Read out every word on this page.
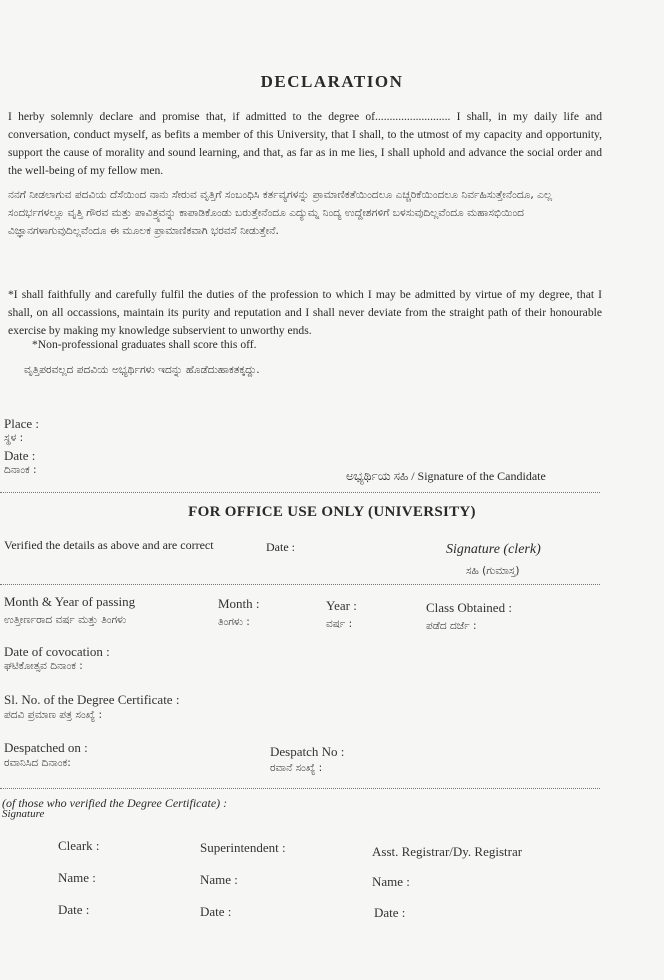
DECLARATION
I herby solemnly declare and promise that, if admitted to the degree of.......................... I shall, in my daily life and conversation, conduct myself, as befits a member of this University, that I shall, to the utmost of my capacity and opportunity, support the cause of morality and sound learning, and that, as far as in me lies, I shall uphold and advance the social order and the well-being of my fellow men.
ನನಗೆ ನೀಡಲಾಗುವ ಪದವಿಯ ದೆಸೆಯಿಂದ ನಾನು ಸೇರುವ ವೃತ್ತಿಗೆ ಸಂಬಂಧಿಸಿ ಕರ್ತವ್ಯಗಳನ್ನು ಪ್ರಾಮಾಣಿಕತೆಯಿಂದಲೂ ಎಚ್ಚರಿಕೆಯಿಂದಲೂ ನಿರ್ವಹಿಸುತ್ತೇನೆಂದೂ, ಎಲ್ಲ ಸಂದರ್ಭಗಳಲ್ಲೂ ವೃತ್ತಿ ಗೌರವ ಮತ್ತು ಪಾವಿತ್ರ್ಯವನ್ನು ಕಾಪಾಡಿಕೊಂಡು ಬರುತ್ತೇನೆಂದೂ ಎದ್ಯುಮ್ನ ನಿಂದ್ಯ ಉದ್ದೇಶಗಳಿಗೆ ಬಳಸುವುದಿಲ್ಲವೆಂದೂ ಮಹಾಸಭಿಯಿಂದ ವಿಜ್ಞಾನಗಳಾಗುವುದಿಲ್ಲವೆಂದೂ ಈ ಮೂಲಕ ಪ್ರಾಮಾಣಿಕವಾಗಿ ಭರವಸೆ ನೀಡುತ್ತೇನೆ.
*I shall faithfully and carefully fulfil the duties of the profession to which I may be admitted by virtue of my degree, that I shall, on all occassions, maintain its purity and reputation and I shall never deviate from the straight path of their honourable exercise by making my knowledge subservient to unworthy ends.
*Non-professional graduates shall score this off.
ವೃತ್ತಿಪರವಲ್ಲದ ಪದವಿಯ ಅಭ್ಯರ್ಥಿಗಳು ಇದನ್ನು ಹೊಡೆದುಹಾಕತಕ್ಕದ್ದು.
Place :
ಸ್ಥಳ :
Date :
ದಿನಾಂಕ :	ಅಭ್ಯರ್ಥಿಯ ಸಹಿ / Signature of the Candidate
FOR OFFICE USE ONLY (UNIVERSITY)
Verified the details as above and are correct	Date :	Signature (clerk)
ಸಹಿ (ಗುಮಾಸ್ತ)
Month & Year of passing
ಉತ್ತೀರ್ಣರಾದ ವರ್ಷ ಮತ್ತು ತಿಂಗಳು
Month :
ತಿಂಗಳು :
Year :
ವರ್ಷ :
Class Obtained :
ಪಡೆದ ದರ್ಜೆ :
Date of covocation :
ಘಟಿಕೋತ್ಸವ ದಿನಾಂಕ :
Sl. No. of the Degree Certificate :
ಪದವಿ ಪ್ರಮಾಣ ಪತ್ರ ಸಂಖ್ಯೆ :
Despatched on :
ರವಾನಿಸಿದ ದಿನಾಂಕ:
Despatch No :
ರವಾನೆ ಸಂಖ್ಯೆ :
(of those who verified the Degree Certificate) :
Signature
Cleark :
Name :
Date :
Superintendent :
Name :
Date :
Asst. Registrar/Dy. Registrar
Name :
Date :
